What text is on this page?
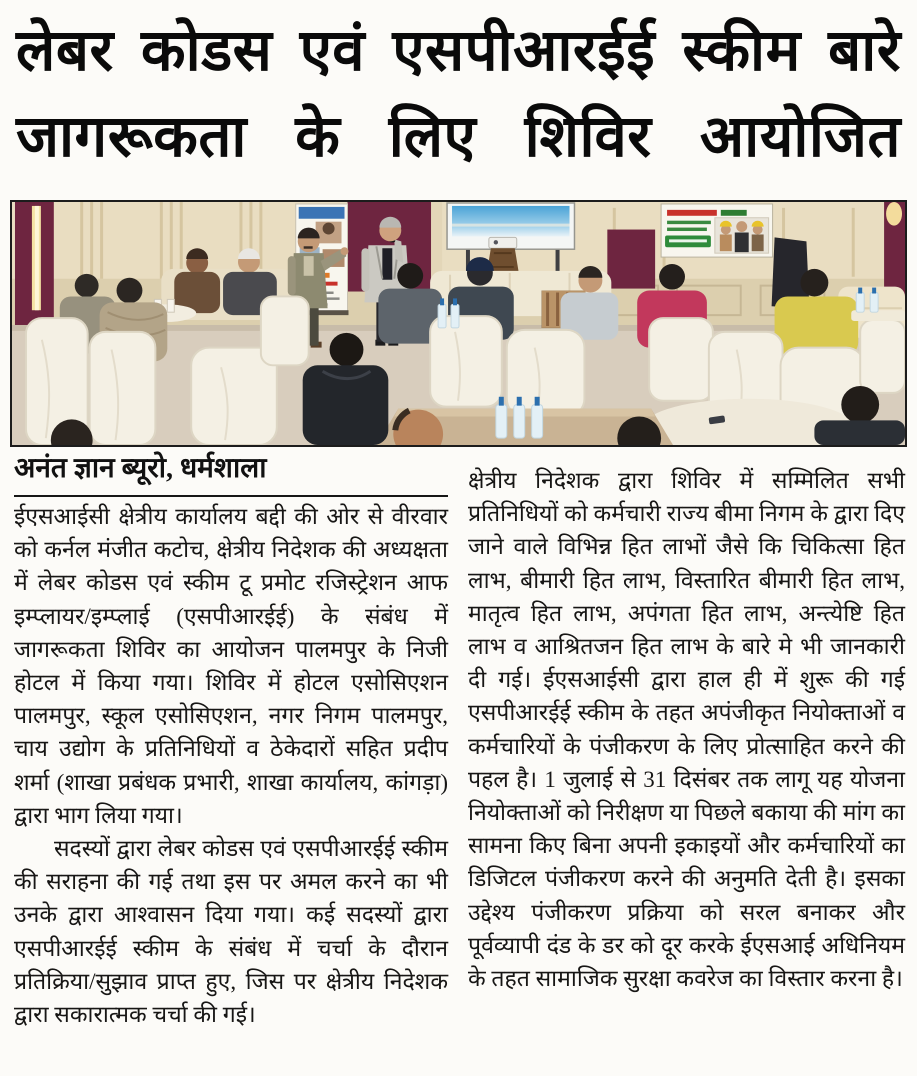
लेबर कोडस एवं एसपीआरईई स्कीम बारे
जागरूकता के लिए शिविर आयोजित
अनंत ज्ञान ब्यूरो, धर्मशाला

ईएसआईसी क्षेत्रीय कार्यालय बद्दी की ओर से वीरवार को कर्नल मंजीत कटोच, क्षेत्रीय निदेशक की अध्यक्षता में लेबर कोडस एवं स्कीम टू प्रमोट रजिस्ट्रेशन आफ इम्प्लायर/इम्प्लाई (एसपीआरईई) के संबंध में जागरूकता शिविर का आयोजन पालमपुर के निजी होटल में किया गया। शिविर में होटल एसोसिएशन पालमपुर, स्कूल एसोसिएशन, नगर निगम पालमपुर, चाय उद्योग के प्रतिनिधियों व ठेकेदारों सहित प्रदीप शर्मा (शाखा प्रबंधक प्रभारी, शाखा कार्यालय, कांगड़ा) द्वारा भाग लिया गया।

सदस्यों द्वारा लेबर कोडस एवं एसपीआरईई स्कीम की सराहना की गई तथा इस पर अमल करने का भी उनके द्वारा आश्वासन दिया गया। कई सदस्यों द्वारा एसपीआरईई स्कीम के संबंध में चर्चा के दौरान प्रतिक्रिया/सुझाव प्राप्त हुए, जिस पर क्षेत्रीय निदेशक द्वारा सकारात्मक चर्चा की गई।

क्षेत्रीय निदेशक द्वारा शिविर में सम्मिलित सभी प्रतिनिधियों को कर्मचारी राज्य बीमा निगम के द्वारा दिए जाने वाले विभिन्न हित लाभों जैसे कि चिकित्सा हित लाभ, बीमारी हित लाभ, विस्तारित बीमारी हित लाभ, मातृत्व हित लाभ, अपंगता हित लाभ, अन्त्येष्टि हित लाभ व आश्रितजन हित लाभ के बारे मे भी जानकारी दी गई। ईएसआईसी द्वारा हाल ही में शुरू की गई एसपीआरईई स्कीम के तहत अपंजीकृत नियोक्ताओं व कर्मचारियों के पंजीकरण के लिए प्रोत्साहित करने की पहल है। 1 जुलाई से 31 दिसंबर तक लागू यह योजना नियोक्ताओं को निरीक्षण या पिछले बकाया की मांग का सामना किए बिना अपनी इकाइयों और कर्मचारियों का डिजिटल पंजीकरण करने की अनुमति देती है। इसका उद्देश्य पंजीकरण प्रक्रिया को सरल बनाकर और पूर्वव्यापी दंड के डर को दूर करके ईएसआई अधिनियम के तहत सामाजिक सुरक्षा कवरेज का विस्तार करना है।
